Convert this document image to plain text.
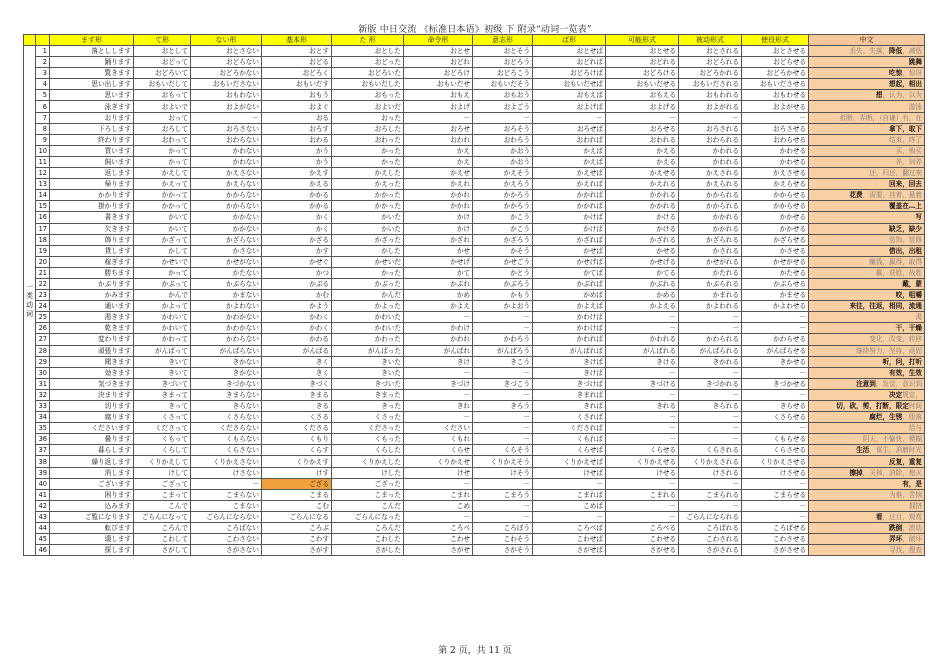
新版 中日交流 《标准日本语》初级 下 附录“动词一览表”
		ます形	て形	ない形	基本形	た 形	命令形	意志形	ば形	可能形式	被动形式	使役形式	中文
一类
动词	1	落としします	おとして	おとさない	おとす	おとした	おとせ	おとそう	おとせば	おとせる	おとされる	おとさせる	丢失、失落，降低，减低
	2	踊ります	おどって	おどらない	おどる	おどった	おどれ	おどろう	おどれば	おどれる	おどられる	おどらせる	跳舞
	3	驚きます	おどろいて	おどろかない	おどろく	おどろいた	おどろけ	おどろこう	おどろけば	おどろける	おどろかれる	おどろかせる	吃惊，惊讶
	4	思い出します	おもいだして	おもいださない	おもいだす	おもいだした	おもいだせ	おもいだそう	おもいだせば	おもいだせる	おもいだされる	おもいださせる	想起，相出
	5	思います	おもって	おもわない	おもう	おもった	おもえ	おもおう	おもえば	おもえる	おもわれる	おもわせる	想，认为，以为
	6	泳ぎます	およいで	およがない	およぐ	およいだ	およげ	およごう	およげば	およげる	およがれる	およがせる	游泳
	7	おります	おって	－	おる	おった	－	－	－	－	－	－	折断，弄断，（自谦）有，在
	8	下ろします	おろして	おろさない	おろす	おろした	おろせ	おろそう	おろせば	おろせる	おろされる	おろさせる	拿下，取下
	9	終わります	おわって	おわらない	おわる	おわった	おわれ	おわろう	おわれば	おわれる	おわられる	おわらせる	结束，终了
	10	買います	かって	かわない	かう	かった	かえ	かおう	かえば	かえる	かわれる	かわせる	买，购买
	11	飼います	かって	かわない	かう	かった	かえ	かおう	かえば	かえる	かわれる	かわせる	养，饲养
	12	返します	かえして	かえさない	かえす	かえした	かえせ	かえそう	かえせば	かえせる	かえされる	かえさせる	还，归还，翻过来
	13	帰ります	かえって	かえらない	かえる	かえった	かえれ	かえろう	かえれば	かえれる	かえられる	かえらせる	回来，回去
	14	かかります	かかって	かからない	かかる	かかった	かかれ	かかろう	かかれば	かかれる	かかられる	かからせる	花费，需要，挂着，悬着
	15	掛かります	かかって	かからない	かかる	かかった	かかれ	かかろう	かかれば	かかれる	かかられる	かからせる	覆盖在…上
	16	書きます	かいて	かかない	かく	かいた	かけ	かこう	かけば	かける	かかれる	かかせる	写
	17	欠きます	かいて	かかない	かく	かいた	かけ	かこう	かけば	かける	かかれる	かかせる	缺乏，缺少
	18	飾ります	かざって	かざらない	かざる	かざった	かざれ	かざろう	かざれば	かざれる	かざられる	かざらせる	装饰，装修
	19	貸します	かして	かさない	かす	かした	かせ	かそう	かせば	かせる	かされる	かさせる	借出，出租
	20	稼ぎます	かせいで	かせがない	かせぐ	かせいだ	かせげ	かせごう	かせげば	かせげる	かせがれる	かせがせる	赚钱，赢得，取得
	21	勝ちます	かって	かたない	かつ	かった	かて	かとう	かてば	かてる	かたれる	かたせる	赢，获胜，战胜
	22	かぶります	かぶって	かぶらない	かぶる	かぶった	かぶれ	かぶろう	かぶれば	かぶれる	かぶられる	かぶらせる	戴，蒙
	23	かみます	かんで	かまない	かむ	かんだ	かめ	かもう	かめば	かめる	かまれる	かませる	咬，咀嚼
	24	通います	かよって	かよわない	かよう	かよった	かよえ	かよおう	かよえば	かよえる	かよわれる	かよわせる	来往，往返，相同，流通
	25	渇きます	かわいて	かわかない	かわく	かわいた	－	－	かわけば	－	－	－	渴
	26	乾きます	かわいて	かわかない	かわく	かわいた	かわけ	－	かわけば	－	－	－	干，干燥
	27	変わります	かわって	かわらない	かわる	かわった	かわれ	かわろう	かわれば	かわれる	かわられる	かわらせる	变化，改变，转移
	28	頑張ります	がんばって	がんばらない	がんばる	がんばった	がんばれ	がんばろう	がんばれば	がんばれる	がんばられる	がんばらせる	继续努力，坚持，顽固
	29	聞きます	きいて	きかない	きく	きいた	きけ	きこう	きけば	きける	きかれる	きかせる	听，问，打听
	30	効きます	きいて	きかない	きく	きいた	－	－	きけば	－	－	－	有效，生效
	31	気づきます	きづいて	きづかない	きづく	きづいた	きづけ	きづこう	きづけば	きづける	きづかれる	きづかせる	注意到，发觉，意识到
	32	決まります	きまって	きまらない	きまる	きまった	－	－	きまれば	－	－	－	决定规定，
	33	切ります	きって	きらない	きる	きった	きれ	きろう	きれば	きれる	きられる	きらせる	切，砍，剪，打断，限定时间
	34	腐ります	くさって	くさらない	くさる	くさった	－	－	くされば	－	－	くさらせる	腐烂，生锈，堕落
	35	くださいます	くださって	くださらない	くださる	くださった	ください	－	くだされば	－	－	－	给与
	36	曇ります	くもって	くもらない	くもり	くもった	くもれ	－	くもれば	－	－	くもらせる	阴天，不愉快，模糊
	37	暮らします	くらして	くらさない	くらす	くらした	くらせ	くらそう	くらせば	くらせる	くらされる	くらさせる	生活，谋生，消磨时光
	38	繰り返します	くりかえして	くりかえさない	くりかえす	くりかえした	くりかえせ	くりかえそう	くりかえせば	くりかえせる	くりかえされる	くりかえさせる	反复，重复
	39	消します	けして	けさない	けす	けした	けせ	けそう	けせば	けせる	けされる	けさせる	擦掉，关掉，消除，熄灭
	40	ございます	ござって	－	ござる	ござった	－	－	－	－	－	－	有，是
	41	困ります	こまって	こまらない	こまる	こまった	こまれ	こまろう	こまれば	こまれる	こまられる	こまらせる	为难，苦恼
	42	込みます	こんで	こまない	こむ	こんだ	こめ	－	こめば	－	－	－	拥挤
	43	ご覧になります	ごらんになって	ごらんにならない	ごらんになる	ごらんになった	－	－	－	－	ごらんになられる	－	看，过目，观赏
	44	転びます	ころんで	ころばない	ころぶ	ころんだ	ころべ	ころぼう	ころべば	ころべる	ころばれる	ころばせる	跌倒，滚动
	45	壊します	こわして	こわさない	こわす	こわした	こわせ	こわそう	こわせば	こわせる	こわされる	こわさせる	弄坏，破坏
	46	探します	さがして	さがさない	さがす	さがした	さがせ	さがそう	さがせば	さがせる	さがされる	さがさせる	寻找，搜查
第 2 页，共 11 页
